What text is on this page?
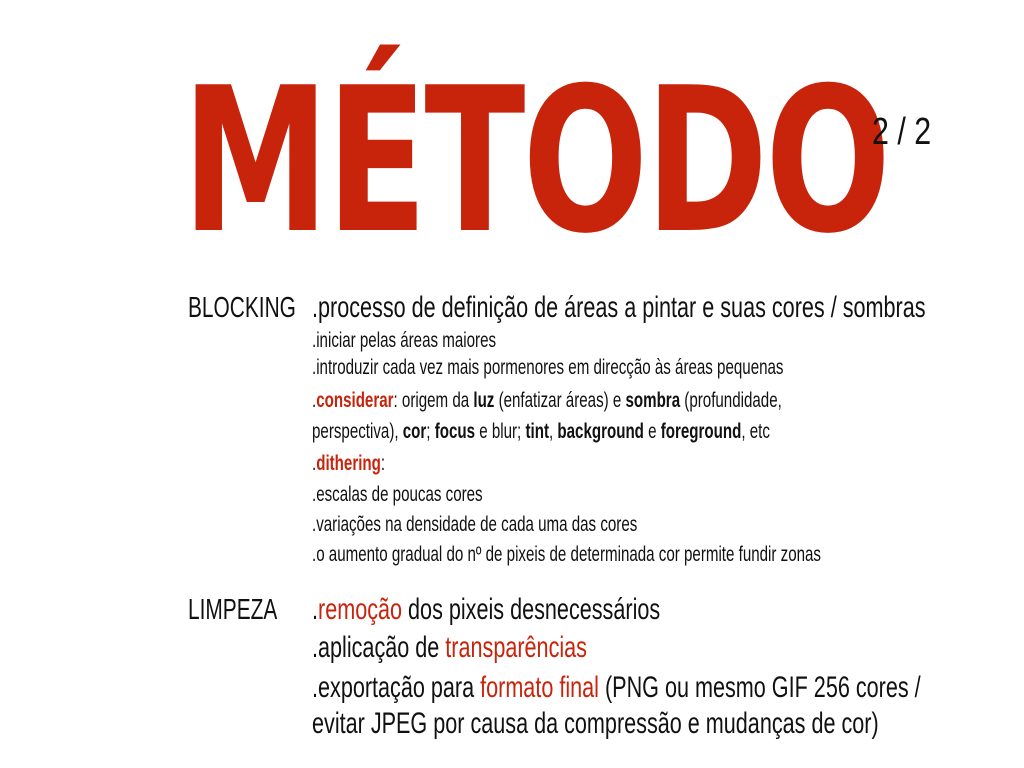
MÉTODO
2 / 2
BLOCKING .processo de definição de áreas a pintar e suas cores / sombras
.iniciar pelas áreas maiores
.introduzir cada vez mais pormenores em direcção às áreas pequenas
.considerar: origem da luz (enfatizar áreas) e sombra (profundidade,
perspectiva), cor; focus e blur; tint, background e foreground, etc
.dithering:
.escalas de poucas cores
.variações na densidade de cada uma das cores
.o aumento gradual do nº de pixeis de determinada cor permite fundir zonas
LIMPEZA .remoção dos pixeis desnecessários
.aplicação de transparências
.exportação para formato final (PNG ou mesmo GIF 256 cores /
evitar JPEG por causa da compressão e mudanças de cor)
